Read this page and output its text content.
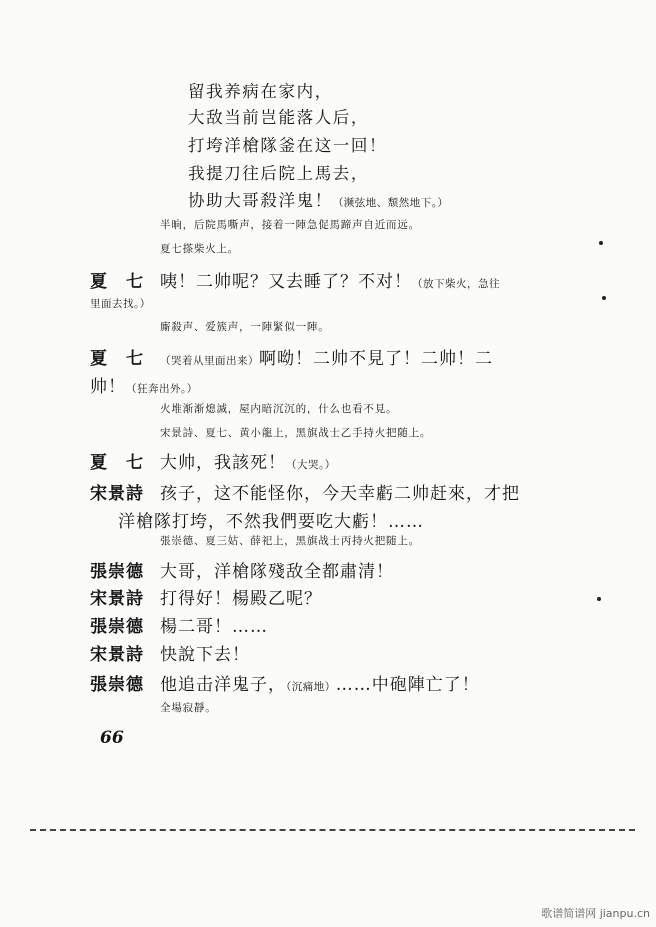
留我养病在家内，
大敌当前岂能落人后，
打垮洋槍隊釜在这一回！
我提刀往后院上馬去，
协助大哥殺洋鬼！（濒弦地、颓然地下。）
半晌，后院馬嘶声，接着一陣急促馬蹄声自近而远。
夏七搽柴火上。
夏　七 咦！二帅呢？又去睡了？不对！（放下柴火，急往
里面去找。）
廝殺声、爱簇声，一陣緊似一陣。
夏　七 （哭着从里面出来）啊呦！二帅不見了！二帅！二
帅！（狂奔出外。）
火堆渐渐熄滅，屋内暗沉沉的，什么也看不見。
宋景詩、夏七、黄小龍上，黑旗战士乙手持火把随上。
夏　七 大帅，我該死！（大哭。）
宋景詩 孩子，这不能怪你，今天幸虧二帅赶來，才把
洋槍隊打垮，不然我們要吃大虧！……
張崇德、夏三姑、薛祀上，黑旗战士丙持火把随上。
張崇德 大哥，洋槍隊殘敌全都肅清！
宋景詩 打得好！楊殿乙呢？
張崇德 楊二哥！……
宋景詩 快說下去！
張崇德 他追击洋鬼子，（沉痛地）……中砲陣亡了！
全場寂靜。
66
歌谱简谱网 jianpu.cn
